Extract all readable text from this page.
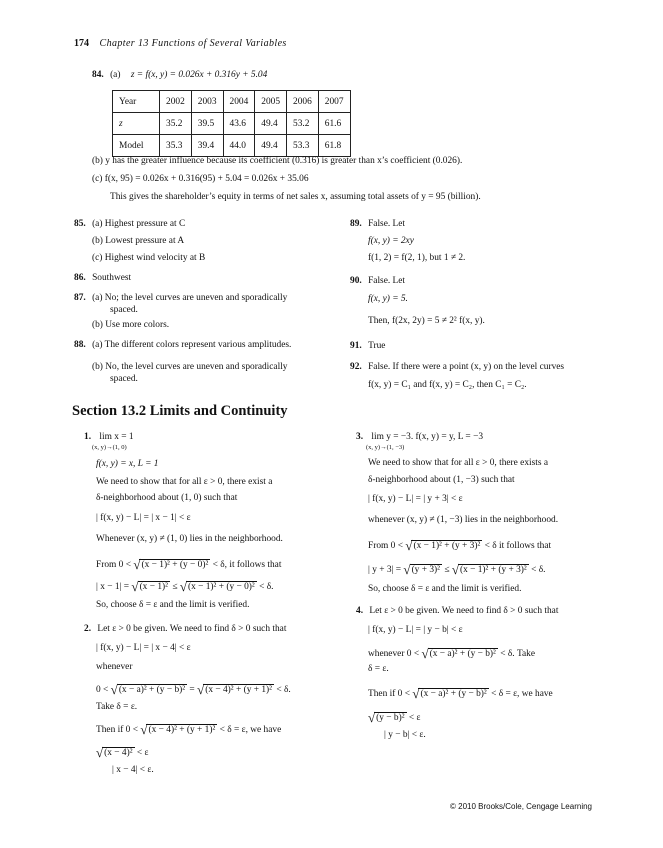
174 Chapter 13 Functions of Several Variables
84. (a) z = f(x, y) = 0.026x + 0.316y + 5.04
Year	2002	2003	2004	2005	2006	2007
z	35.2	39.5	43.6	49.4	53.2	61.6
Model	35.3	39.4	44.0	49.4	53.3	61.8
(b) y has the greater influence because its coefficient (0.316) is greater than x’s coefficient (0.026).
(c) f(x, 95) = 0.026x + 0.316(95) + 5.04 = 0.026x + 35.06
This gives the shareholder’s equity in terms of net sales x, assuming total assets of y = 95 (billion).
85. (a) Highest pressure at C
(b) Lowest pressure at A
(c) Highest wind velocity at B
86. Southwest
87. (a) No; the level curves are uneven and sporadically
spaced.
(b) Use more colors.
88. (a) The different colors represent various amplitudes.
(b) No, the level curves are uneven and sporadically
spaced.
89. False. Let
f(x, y) = 2xy
f(1, 2) = f(2, 1), but 1 ≠ 2.
90. False. Let
f(x, y) = 5.
Then, f(2x, 2y) = 5 ≠ 2² f(x, y).
91. True
92. False. If there were a point (x, y) on the level curves
f(x, y) = C₁ and f(x, y) = C₂, then C₁ = C₂.
Section 13.2 Limits and Continuity
1. lim x = 1
(x, y)→(1, 0)
f(x, y) = x, L = 1
We need to show that for all ε > 0, there exist a
δ-neighborhood about (1, 0) such that
| f(x, y) − L| = | x − 1| < ε
Whenever (x, y) ≠ (1, 0) lies in the neighborhood.
From 0 < √(x − 1)² + (y − 0)² < δ, it follows that
| x − 1| = √(x − 1)² ≤ √(x − 1)² + (y − 0)² < δ.
So, choose δ = ε and the limit is verified.
2. Let ε > 0 be given. We need to find δ > 0 such that
| f(x, y) − L| = | x − 4| < ε
whenever
0 < √(x − a)² + (y − b)² = √(x − 4)² + (y + 1)² < δ.
Take δ = ε.
Then if 0 < √(x − 4)² + (y + 1)² < δ = ε, we have
√(x − 4)² < ε
| x − 4| < ε.
3. lim y = −3. f(x, y) = y, L = −3
(x, y)→(1, −3)
We need to show that for all ε > 0, there exists a
δ-neighborhood about (1, −3) such that
| f(x, y) − L| = | y + 3| < ε
whenever (x, y) ≠ (1, −3) lies in the neighborhood.
From 0 < √(x − 1)² + (y + 3)² < δ it follows that
| y + 3| = √(y + 3)² ≤ √(x − 1)² + (y + 3)² < δ.
So, choose δ = ε and the limit is verified.
4. Let ε > 0 be given. We need to find δ > 0 such that
| f(x, y) − L| = | y − b| < ε
whenever 0 < √(x − a)² + (y − b)² < δ. Take
δ = ε.
Then if 0 < √(x − a)² + (y − b)² < δ = ε, we have
√(y − b)² < ε
| y − b| < ε.
© 2010 Brooks/Cole, Cengage Learning
